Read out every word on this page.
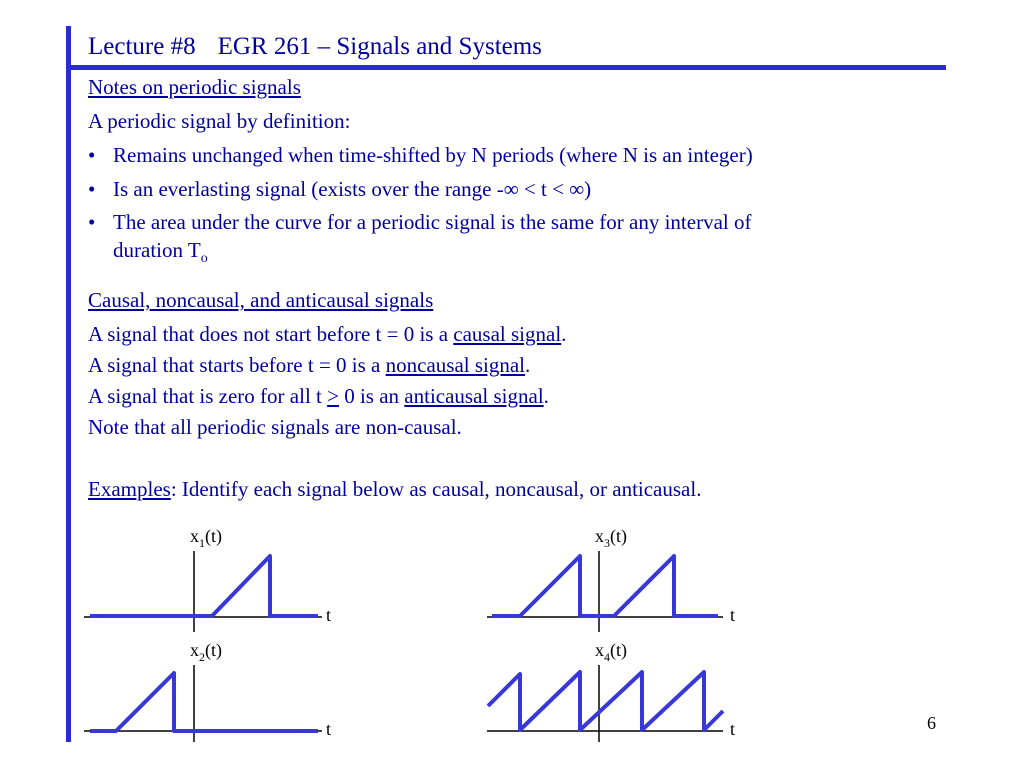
Lecture #8 EGR 261 – Signals and Systems
Notes on periodic signals
A periodic signal by definition:
• Remains unchanged when time-shifted by N periods (where N is an integer)
• Is an everlasting signal (exists over the range -∞ < t < ∞)
• The area under the curve for a periodic signal is the same for any interval of
duration $T_o$
Causal, noncausal, and anticausal signals
A signal that does not start before t = 0 is a causal signal.
A signal that starts before t = 0 is a noncausal signal.
A signal that is zero for all t ≥ 0 is an anticausal signal.
Note that all periodic signals are non-causal.
Examples: Identify each signal below as causal, noncausal, or anticausal.
$x_1(t)$
t
$x_3(t)$
t
$x_2(t)$
t
$x_4(t)$
t	6
